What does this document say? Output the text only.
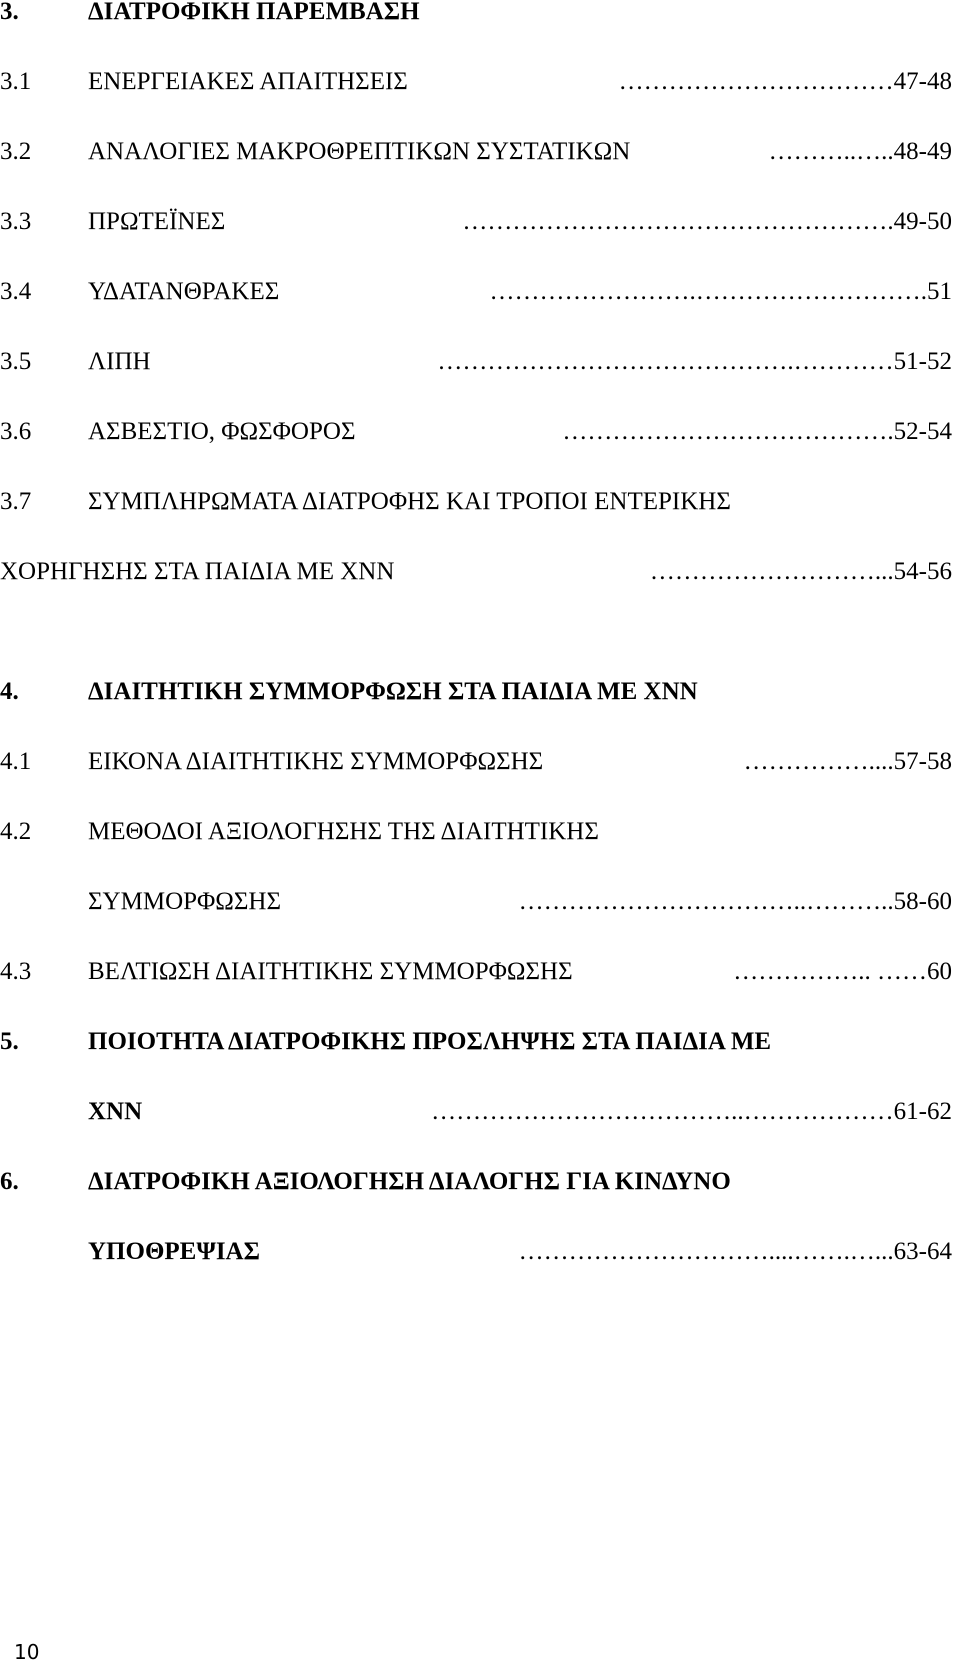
3.	ΔΙΑΤΡΟΦΙΚΗ ΠΑΡΕΜΒΑΣΗ
3.1 ΕΝΕΡΓΕΙΑΚΕΣ ΑΠΑΙΤΗΣΕΙΣ	……………………………47-48
3.2 ΑΝΑΛΟΓΙΕΣ ΜΑΚΡΟΘΡΕΠΤΙΚΩΝ ΣΥΣΤΑΤΙΚΩΝ	………..…..48-49
3.3 ΠΡΩΤΕΪΝΕΣ	…………………………………………….49-50
3.4 ΥΔΑΤΑΝΘΡΑΚΕΣ	…………………….……………………….51
3.5 ΛΙΠΗ	…………………………………….…………51-52
3.6 ΑΣΒΕΣΤΙΟ, ΦΩΣΦΟΡΟΣ	………………………………….52-54
3.7 ΣΥΜΠΛΗΡΩΜΑΤΑ ΔΙΑΤΡΟΦΗΣ ΚΑΙ ΤΡΟΠΟΙ ΕΝΤΕΡΙΚΗΣ
ΧΟΡΗΓΗΣΗΣ ΣΤΑ ΠΑΙΔΙΑ ΜΕ ΧΝΝ	………………………...54-56
4.	ΔΙΑΙΤΗΤΙΚΗ ΣΥΜΜΟΡΦΩΣΗ ΣΤΑ ΠΑΙΔΙΑ ΜΕ ΧΝΝ
4.1 ΕΙΚΟΝΑ ΔΙΑΙΤΗΤΙΚΗΣ ΣΥΜΜΟΡΦΩΣΗΣ	……………....57-58
4.2 ΜΕΘΟΔΟΙ ΑΞΙΟΛΟΓΗΣΗΣ ΤΗΣ ΔΙΑΙΤΗΤΙΚΗΣ
ΣΥΜΜΟΡΦΩΣΗΣ	……………………………..………..58-60
4.3 ΒΕΛΤΙΩΣΗ ΔΙΑΙΤΗΤΙΚΗΣ ΣΥΜΜΟΡΦΩΣΗΣ	…………….. ……60
5.	ΠΟΙΟΤΗΤΑ ΔΙΑΤΡΟΦΙΚΗΣ ΠΡΟΣΛΗΨΗΣ ΣΤΑ ΠΑΙΔΙΑ ΜΕ
ΧΝΝ	………………………………..………………61-62
6.	ΔΙΑΤΡΟΦΙΚΗ ΑΞΙΟΛΟΓΗΣΗ ΔΙΑΛΟΓΗΣ ΓΙΑ ΚΙΝΔΥΝΟ
ΥΠΟΘΡΕΨΙΑΣ	…………………………....…….…...63-64
10
